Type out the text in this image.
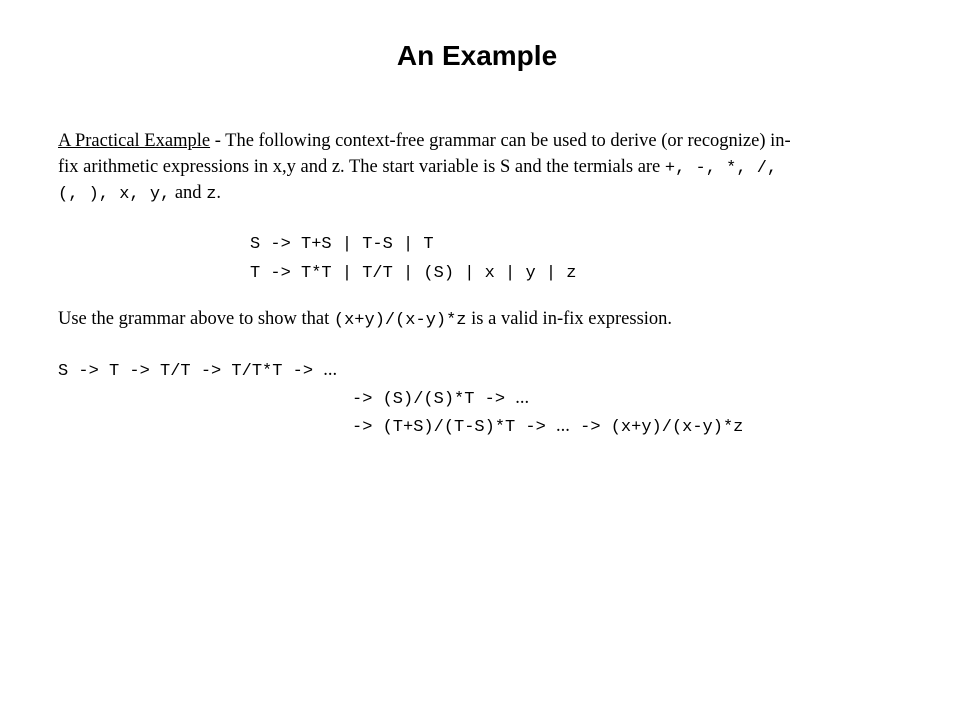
An Example
A Practical Example - The following context-free grammar can be used to derive (or recognize) in-
fix arithmetic expressions in x,y and z. The start variable is S and the termials are +, -, *, /,
(, ), x, y, and z.
S -> T+S | T-S | T
T -> T*T | T/T | (S) | x | y | z
Use the grammar above to show that (x+y)/(x-y)*z is a valid in-fix expression.
S -> T -> T/T -> T/T*T -> ...
-> (S)/(S)*T -> ...
-> (T+S)/(T-S)*T -> ... -> (x+y)/(x-y)*z
